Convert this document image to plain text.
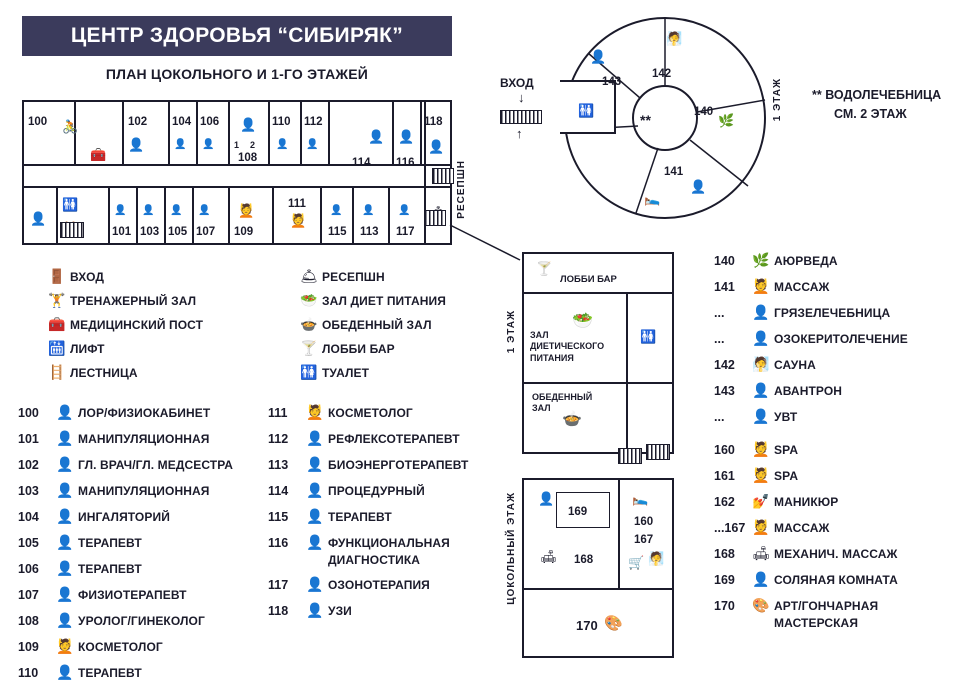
ЦЕНТР ЗДОРОВЬЯ “СИБИРЯК”
ПЛАН ЦОКОЛЬНОГО И 1-ГО ЭТАЖЕЙ
100	102 104 106
108
110 112
114 116
118
1 2
🚴
🧰
👤	👤 👤
👤
👤 👤
👤 👤
👤
101 103 105 107 109
111
115 113 117
🚻
👤
👤 👤 👤 👤 💆
💆
👤 👤 👤	РЕСЕПШН
ВХОД
↓
↑
**
143
142
140
141
👤
🧖
🌿
🛌
👤
🚻	1 ЭТАЖ ** ВОДОЛЕЧЕБНИЦА
СМ. 2 ЭТАЖ
1 ЭТАЖ
🍸
ЛОББИ БАР
🥗
ЗАЛ ДИЕТИЧЕСКОГО ПИТАНИЯ
ОБЕДЕННЫЙ ЗАЛ
🍲
🚻
ЦОКОЛЬНЫЙ ЭТАЖ	169
160
167
168
170
👤	🛌
🛋	🛒 🧖
🎨
🚪 ВХОД
🏋 ТРЕНАЖЕРНЫЙ ЗАЛ
🧰 МЕДИЦИНСКИЙ ПОСТ
🛗 ЛИФТ
🪜 ЛЕСТНИЦА
🛎 РЕСЕПШН
🥗 ЗАЛ ДИЕТ ПИТАНИЯ
🍲 ОБЕДЕННЫЙ ЗАЛ
🍸 ЛОББИ БАР
🚻 ТУАЛЕТ
100	👤 ЛОР/ФИЗИОКАБИНЕТ
101	👤 МАНИПУЛЯЦИОННАЯ
102	👤 ГЛ. ВРАЧ/ГЛ. МЕДСЕСТРА
103	👤 МАНИПУЛЯЦИОННАЯ
104	👤 ИНГАЛЯТОРИЙ
105	👤 ТЕРАПЕВТ
106	👤 ТЕРАПЕВТ
107	👤 ФИЗИОТЕРАПЕВТ
108	👤 УРОЛОГ/ГИНЕКОЛОГ
109	💆 КОСМЕТОЛОГ
110	👤 ТЕРАПЕВТ
111	💆 КОСМЕТОЛОГ
112	👤 РЕФЛЕКСОТЕРАПЕВТ
113	👤 БИОЭНЕРГОТЕРАПЕВТ
114	👤 ПРОЦЕДУРНЫЙ
115	👤 ТЕРАПЕВТ
116	👤 ФУНКЦИОНАЛЬНАЯ
ДИАГНОСТИКА
117	👤 ОЗОНОТЕРАПИЯ
118	👤 УЗИ
140	🌿 АЮРВЕДА
141	💆 МАССАЖ
...	👤 ГРЯЗЕЛЕЧЕБНИЦА
...	👤 ОЗОКЕРИТОЛЕЧЕНИЕ
142	🧖 САУНА
143	👤 АВАНТРОН
...	👤 УВТ
160	💆 SPA
161	💆 SPA
162	💅 МАНИКЮР
...167 💆 МАССАЖ
168	🛋 МЕХАНИЧ. МАССАЖ
169	👤 СОЛЯНАЯ КОМНАТА
170	🎨 АРТ/ГОНЧАРНАЯ
МАСТЕРСКАЯ
